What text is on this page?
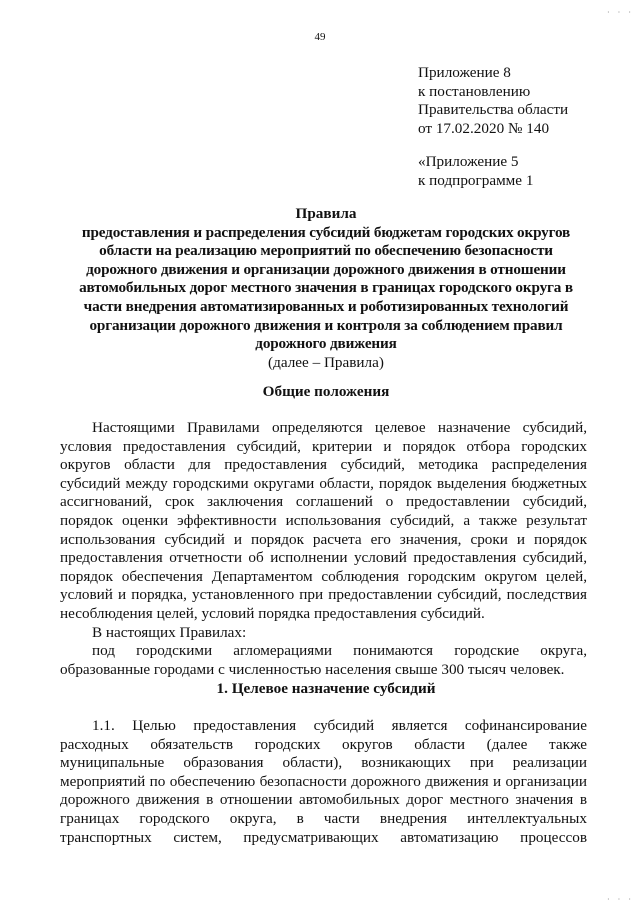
49
· · ·
· · ·
Приложение 8
к постановлению
Правительства области
от 17.02.2020 № 140
«Приложение 5
к подпрограмме 1
Правила
предоставления и распределения субсидий бюджетам городских округов
области на реализацию мероприятий по обеспечению безопасности
дорожного движения и организации дорожного движения в отношении
автомобильных дорог местного значения в границах городского округа в
части внедрения автоматизированных и роботизированных технологий
организации дорожного движения и контроля за соблюдением правил
дорожного движения
(далее – Правила)
Общие положения
Настоящими Правилами определяются целевое назначение субсидий,
условия предоставления субсидий, критерии и порядок отбора городских
округов области для предоставления субсидий, методика распределения
субсидий между городскими округами области, порядок выделения бюджетных
ассигнований, срок заключения соглашений о предоставлении субсидий,
порядок оценки эффективности использования субсидий, а также результат
использования субсидий и порядок расчета его значения, сроки и порядок
предоставления отчетности об исполнении условий предоставления субсидий,
порядок обеспечения Департаментом соблюдения городским округом целей,
условий и порядка, установленного при предоставлении субсидий, последствия
несоблюдения целей, условий порядка предоставления субсидий.
В настоящих Правилах:
под городскими агломерациями понимаются городские округа,
образованные городами с численностью населения свыше 300 тысяч человек.
1. Целевое назначение субсидий
1.1. Целью предоставления субсидий является софинансирование
расходных обязательств городских округов области (далее также
муниципальные образования области), возникающих при реализации
мероприятий по обеспечению безопасности дорожного движения и организации
дорожного движения в отношении автомобильных дорог местного значения в
границах городского округа, в части внедрения интеллектуальных
транспортных систем, предусматривающих автоматизацию процессов
